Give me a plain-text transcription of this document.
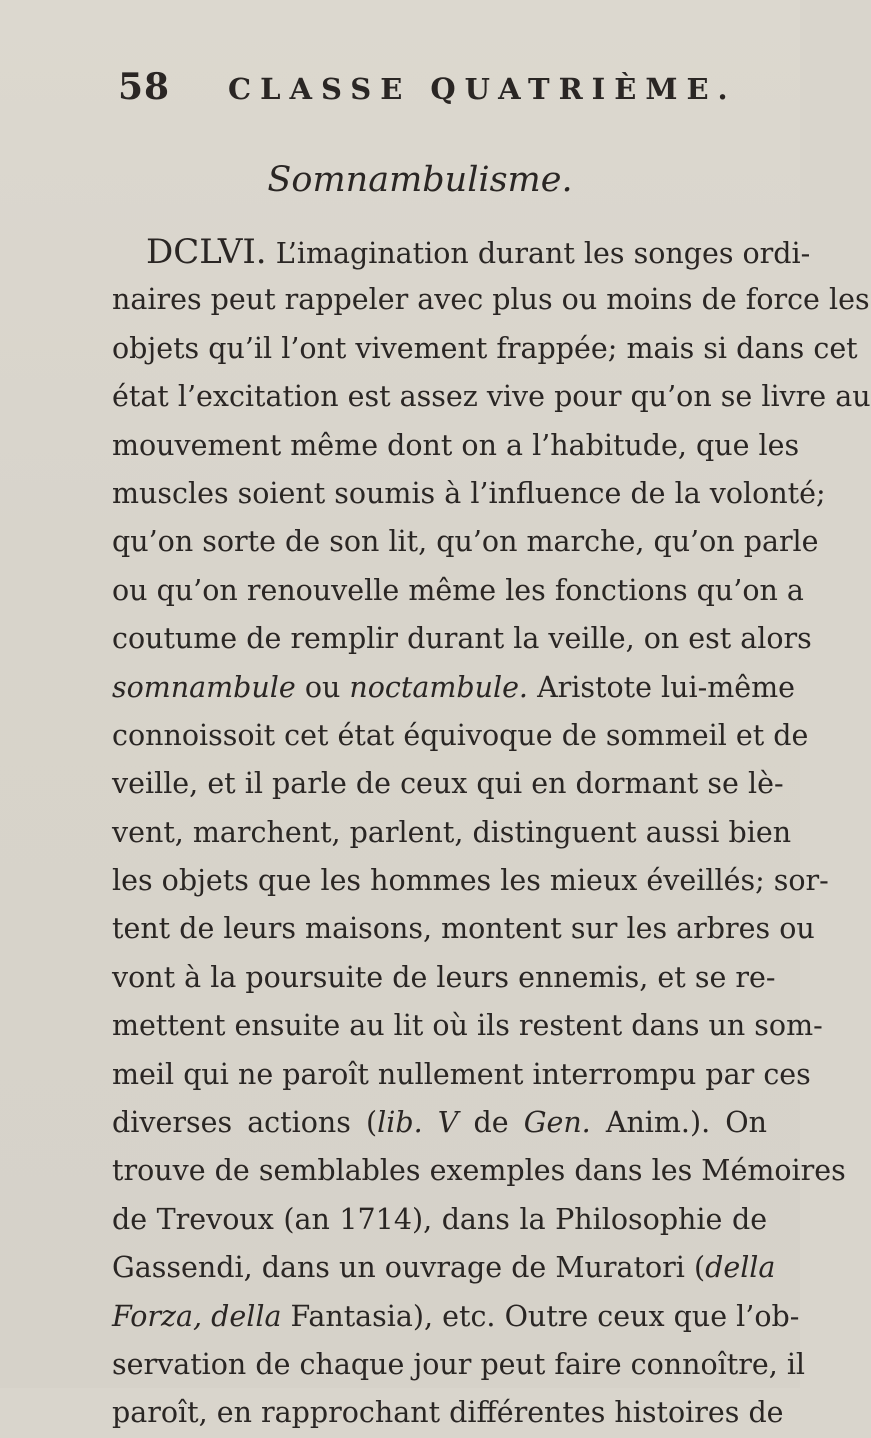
58 CLASSE QUATRIÈME.
Somnambulisme.
DCLVI. L’imagination durant les songes ordi-
naires peut rappeler avec plus ou moins de force les
objets qu’il l’ont vivement frappée; mais si dans cet
état l’excitation est assez vive pour qu’on se livre au
mouvement même dont on a l’habitude, que les
muscles soient soumis à l’influence de la volonté;
qu’on sorte de son lit, qu’on marche, qu’on parle
ou qu’on renouvelle même les fonctions qu’on a
coutume de remplir durant la veille, on est alors
somnambule ou noctambule. Aristote lui-même
connoissoit cet état équivoque de sommeil et de
veille, et il parle de ceux qui en dormant se lè-
vent, marchent, parlent, distinguent aussi bien
les objets que les hommes les mieux éveillés; sor-
tent de leurs maisons, montent sur les arbres ou
vont à la poursuite de leurs ennemis, et se re-
mettent ensuite au lit où ils restent dans un som-
meil qui ne paroît nullement interrompu par ces
diverses actions (lib. V de Gen. Anim.). On
trouve de semblables exemples dans les Mémoires
de Trevoux (an 1714), dans la Philosophie de
Gassendi, dans un ouvrage de Muratori (della
Forza, della Fantasia), etc. Outre ceux que l’ob-
servation de chaque jour peut faire connoître, il
paroît, en rapprochant différentes histoires de
